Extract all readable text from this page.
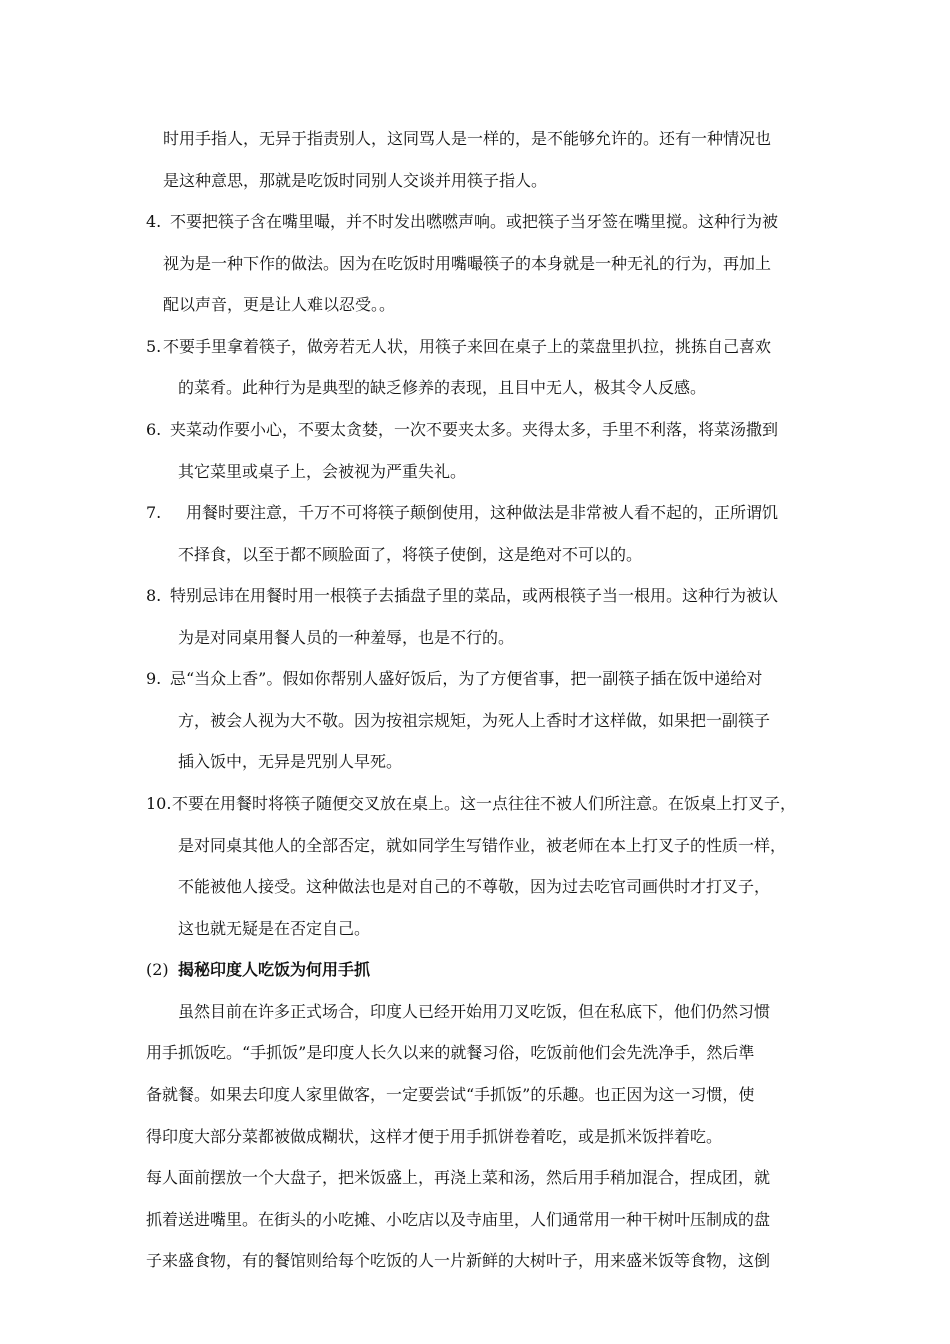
时用手指人，无异于指责别人，这同骂人是一样的，是不能够允许的。还有一种情况也
是这种意思，那就是吃饭时同别人交谈并用筷子指人。
4. 不要把筷子含在嘴里嘬，并不时发出嘫嘫声响。或把筷子当牙签在嘴里搅。这种行为被
视为是一种下作的做法。因为在吃饭时用嘴嘬筷子的本身就是一种无礼的行为，再加上
配以声音，更是让人难以忍受。。
5. 不要手里拿着筷子，做旁若无人状，用筷子来回在桌子上的菜盘里扒拉，挑拣自己喜欢
的菜肴。此种行为是典型的缺乏修养的表现，且目中无人，极其令人反感。
6. 夹菜动作要小心，不要太贪婪，一次不要夹太多。夹得太多，手里不利落，将菜汤撒到
其它菜里或桌子上，会被视为严重失礼。
7. 用餐时要注意，千万不可将筷子颠倒使用，这种做法是非常被人看不起的，正所谓饥
不择食，以至于都不顾脸面了，将筷子使倒，这是绝对不可以的。
8. 特别忌讳在用餐时用一根筷子去插盘子里的菜品，或两根筷子当一根用。这种行为被认
为是对同桌用餐人员的一种羞辱，也是不行的。
9. 忌“当众上香”。假如你帮别人盛好饭后，为了方便省事，把一副筷子插在饭中递给对
方，被会人视为大不敬。因为按祖宗规矩，为死人上香时才这样做，如果把一副筷子
插入饭中，无异是咒别人早死。
10.不要在用餐时将筷子随便交叉放在桌上。这一点往往不被人们所注意。在饭桌上打叉子，
是对同桌其他人的全部否定，就如同学生写错作业，被老师在本上打叉子的性质一样，
不能被他人接受。这种做法也是对自己的不尊敬，因为过去吃官司画供时才打叉子，
这也就无疑是在否定自己。
(2) 揭秘印度人吃饭为何用手抓
虽然目前在许多正式场合，印度人已经开始用刀叉吃饭，但在私底下，他们仍然习惯
用手抓饭吃。“手抓饭”是印度人长久以来的就餐习俗，吃饭前他们会先洗净手，然后準
备就餐。如果去印度人家里做客，一定要尝试“手抓饭”的乐趣。也正因为这一习惯，使
得印度大部分菜都被做成糊状，这样才便于用手抓饼卷着吃，或是抓米饭拌着吃。
每人面前摆放一个大盘子，把米饭盛上，再浇上菜和汤，然后用手稍加混合，捏成团，就
抓着送进嘴里。在街头的小吃摊、小吃店以及寺庙里，人们通常用一种干树叶压制成的盘
子来盛食物，有的餐馆则给每个吃饭的人一片新鲜的大树叶子，用来盛米饭等食物，这倒
